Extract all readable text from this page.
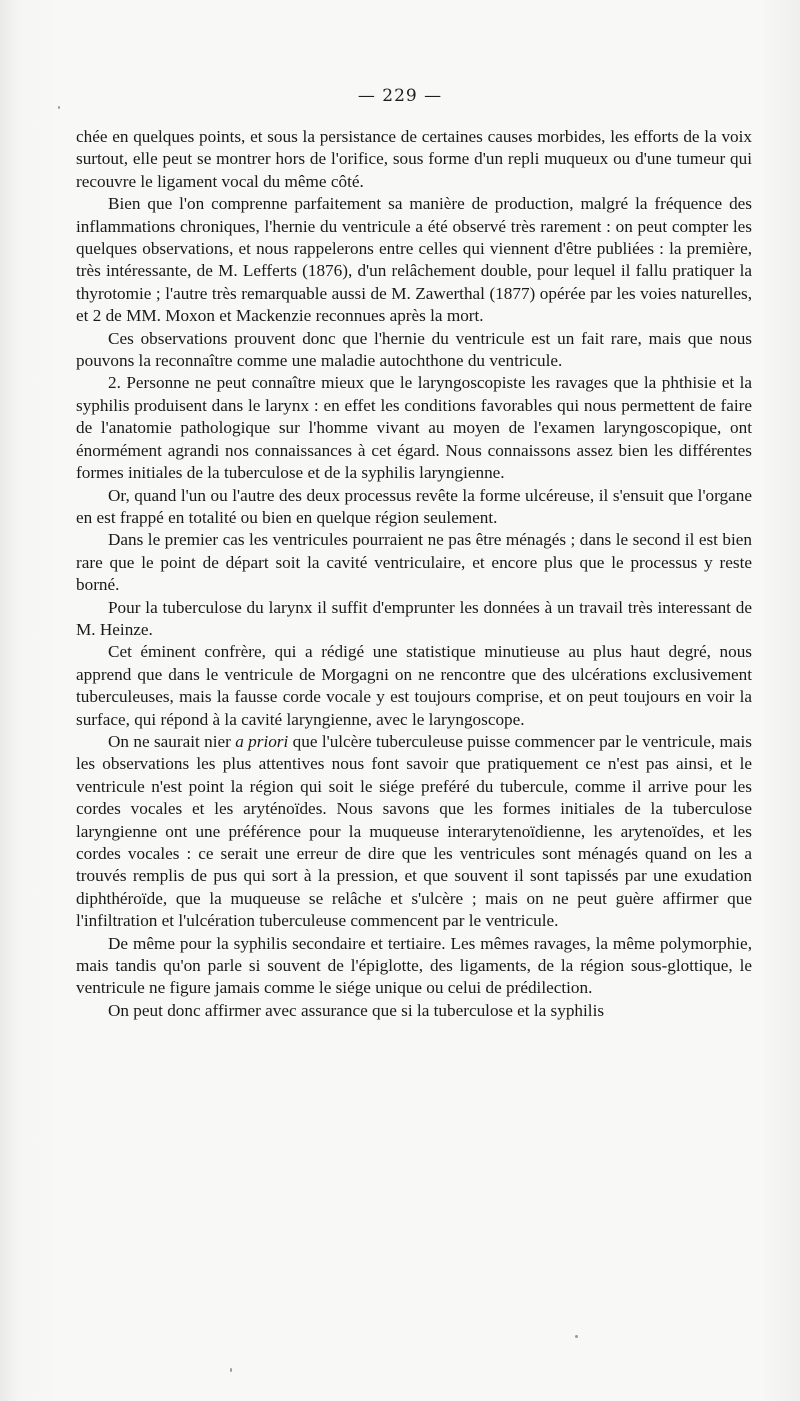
— 229 —

chée en quelques points, et sous la persistance de certaines causes morbides, les efforts de la voix surtout, elle peut se montrer hors de l'orifice, sous forme d'un repli muqueux ou d'une tumeur qui recouvre le ligament vocal du même côté.

Bien que l'on comprenne parfaitement sa manière de production, malgré la fréquence des inflammations chroniques, l'hernie du ventricule a été observé très rarement : on peut compter les quelques observations, et nous rappelerons entre celles qui viennent d'être publiées : la première, très intéressante, de M. Lefferts (1876), d'un relâchement double, pour lequel il fallu pratiquer la thyrotomie ; l'autre très remarquable aussi de M. Zawerthal (1877) opérée par les voies naturelles, et 2 de MM. Moxon et Mackenzie reconnues après la mort.

Ces observations prouvent donc que l'hernie du ventricule est un fait rare, mais que nous pouvons la reconnaître comme une maladie autochthone du ventricule.

2. Personne ne peut connaître mieux que le laryngoscopiste les ravages que la phthisie et la syphilis produisent dans le larynx : en effet les conditions favorables qui nous permettent de faire de l'anatomie pathologique sur l'homme vivant au moyen de l'examen laryngoscopique, ont énormément agrandi nos connaissances à cet égard. Nous connaissons assez bien les différentes formes initiales de la tuberculose et de la syphilis laryngienne.

Or, quand l'un ou l'autre des deux processus revête la forme ulcéreuse, il s'ensuit que l'organe en est frappé en totalité ou bien en quelque région seulement.

Dans le premier cas les ventricules pourraient ne pas être ménagés ; dans le second il est bien rare que le point de départ soit la cavité ventriculaire, et encore plus que le processus y reste borné.

Pour la tuberculose du larynx il suffit d'emprunter les données à un travail très interessant de M. Heinze.

Cet éminent confrère, qui a rédigé une statistique minutieuse au plus haut degré, nous apprend que dans le ventricule de Morgagni on ne rencontre que des ulcérations exclusivement tuberculeuses, mais la fausse corde vocale y est toujours comprise, et on peut toujours en voir la surface, qui répond à la cavité laryngienne, avec le laryngoscope.

On ne saurait nier a priori que l'ulcère tuberculeuse puisse commencer par le ventricule, mais les observations les plus attentives nous font savoir que pratiquement ce n'est pas ainsi, et le ventricule n'est point la région qui soit le siége preféré du tubercule, comme il arrive pour les cordes vocales et les aryténoïdes. Nous savons que les formes initiales de la tuberculose laryngienne ont une préférence pour la muqueuse interarytenoïdienne, les arytenoïdes, et les cordes vocales : ce serait une erreur de dire que les ventricules sont ménagés quand on les a trouvés remplis de pus qui sort à la pression, et que souvent il sont tapissés par une exudation diphthéroïde, que la muqueuse se relâche et s'ulcère ; mais on ne peut guère affirmer que l'infiltration et l'ulcération tuberculeuse commencent par le ventricule.

De même pour la syphilis secondaire et tertiaire. Les mêmes ravages, la même polymorphie, mais tandis qu'on parle si souvent de l'épiglotte, des ligaments, de la région sous-glottique, le ventricule ne figure jamais comme le siége unique ou celui de prédilection.

On peut donc affirmer avec assurance que si la tuberculose et la syphilis
